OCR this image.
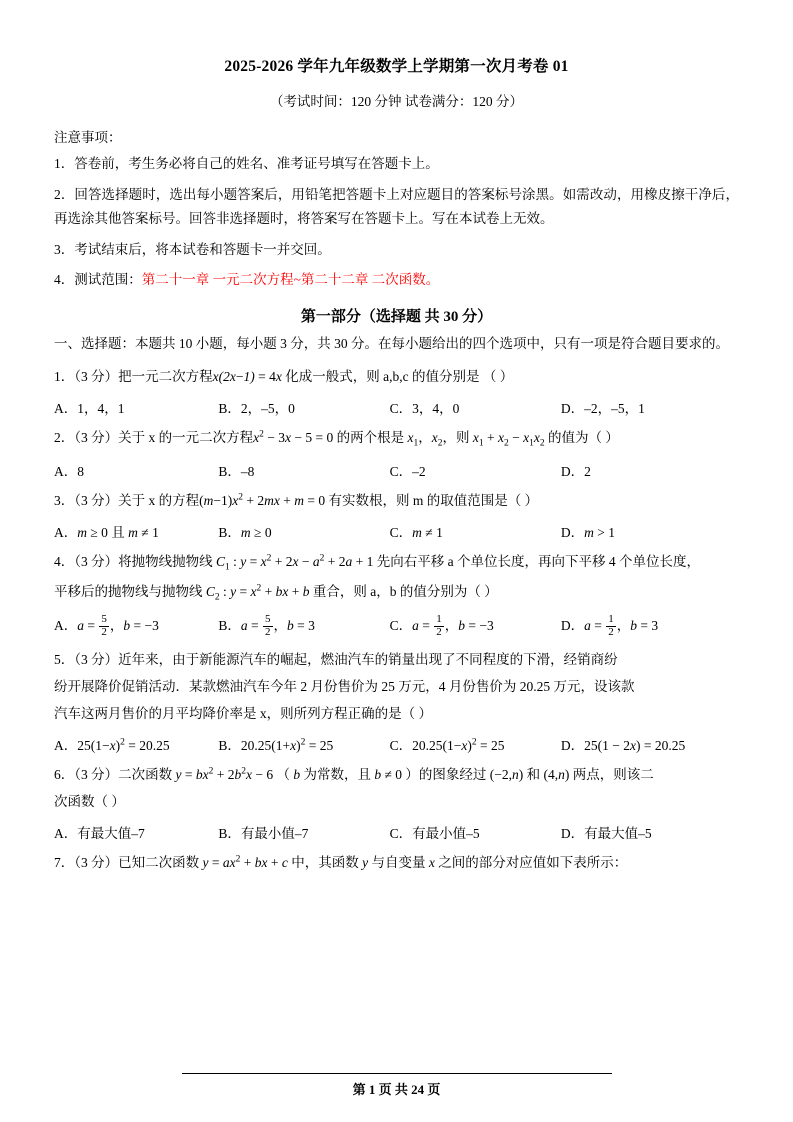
2025-2026 学年九年级数学上学期第一次月考卷 01
（考试时间：120 分钟 试卷满分：120 分）
注意事项：

1．答卷前，考生务必将自己的姓名、准考证号填写在答题卡上。

2．回答选择题时，选出每小题答案后，用铅笔把答题卡上对应题目的答案标号涂黑。如需改动，用橡皮擦干净后，再选涂其他答案标号。回答非选择题时，将答案写在答题卡上。写在本试卷上无效。

3．考试结束后，将本试卷和答题卡一并交回。

4．测试范围：第二十一章 一元二次方程~第二十二章 二次函数。

第一部分（选择题 共 30 分）

一、选择题：本题共 10 小题，每小题 3 分，共 30 分。在每小题给出的四个选项中，只有一项是符合题目要求的。

1．（3 分）把一元二次方程x(2x−1) = 4x 化成一般式，则 a,b,c 的值分别是 （ ）

A．1，4，1	B．2，–5，0	C．3，4，0	D．–2，–5，1

2．（3 分）关于 x 的一元二次方程$x^2 - 3x - 5 = 0$ 的两个根是 $x_1$，$x_2$，则 $x_1 + x_2 - x_1x_2$ 的值为（ ）

A．8	B．–8	C．–2	D．2

3．（3 分）关于 x 的方程$(m-1)x^2 + 2mx + m = 0$ 有实数根，则 m 的取值范围是（ ）

A．m ≥ 0 且 m ≠ 1	B．m ≥ 0	C．m ≠ 1	D．m > 1

4．（3 分）将抛物线抛物线 $C_1$ : $y = x^2 + 2x - a^2 + 2a + 1$ 先向右平移 a 个单位长度，再向下平移 4 个单位长度，

平移后的抛物线与抛物线 $C_2$ : $y = x^2$ + bx + b 重合，则 a，b 的值分别为（ ）

A．$a = \frac{5}{2}$ ，b = −3	B．$a = \frac{5}{2}$ ，b = 3	C．$a = \frac{1}{2}$ ，b = −3	D．$a = \frac{1}{2}$ ，b = 3

5．（3 分）近年来，由于新能源汽车的崛起，燃油汽车的销量出现了不同程度的下滑，经销商纷

纷开展降价促销活动．某款燃油汽车今年 2 月份售价为 25 万元，4 月份售价为 20.25 万元，设该款

汽车这两月售价的月平均降价率是 x，则所列方程正确的是（ ）

A．$25(1-x)^2 = 20.25$	B．$20.25(1+x)^2 = 25$	C．$20.25(1-x)^2 = 25$	D．25(1 − 2x) = 20.25

6．（3 分）二次函数 $y = bx^2 + 2b^2x - 6$ （ b 为常数，且 b ≠ 0 ）的图象经过 (−2,n) 和 (4,n) 两点，则该二

次函数（ ）

A．有最大值–7	B．有最小值–7	C．有最小值–5	D．有最大值–5

7．（3 分）已知二次函数 $y = ax^2$ + bx + c 中，其函数 y 与自变量 x 之间的部分对应值如下表所示：

第 1 页 共 24 页
